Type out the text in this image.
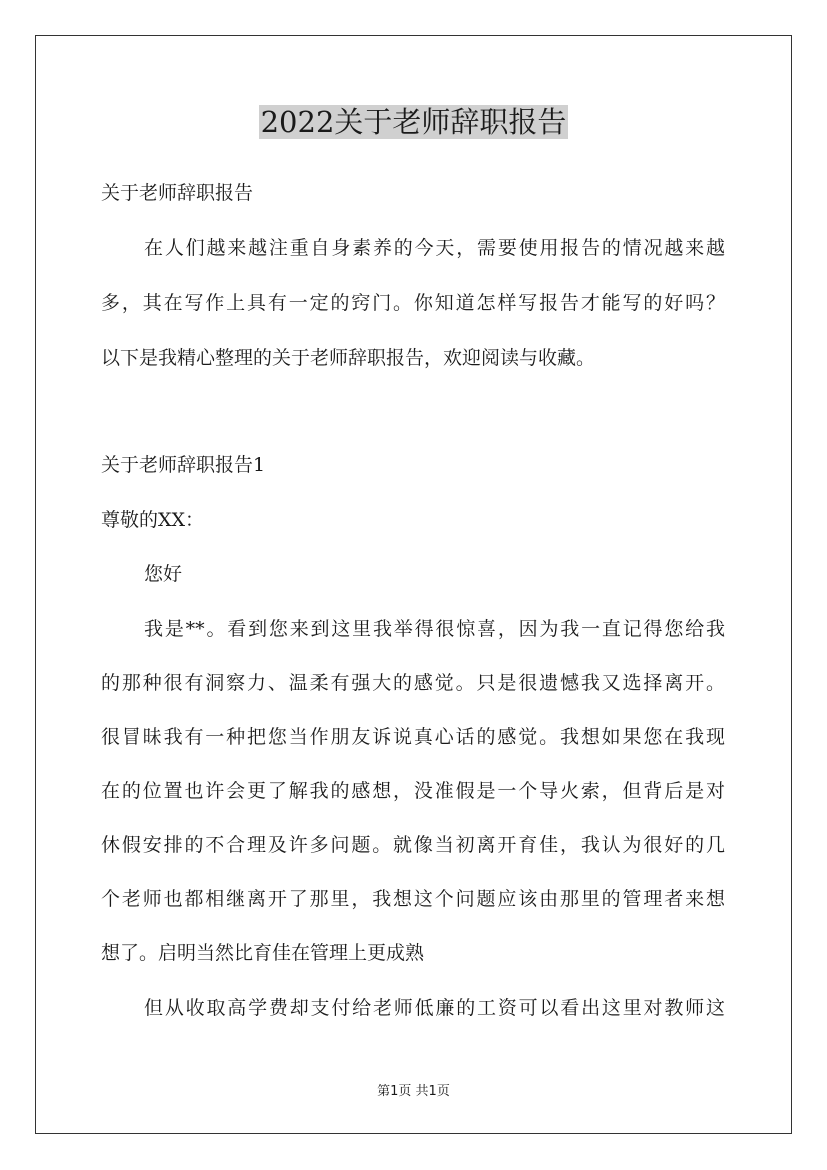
2022关于老师辞职报告

关于老师辞职报告

在人们越来越注重自身素养的今天，需要使用报告的情况越来越

多，其在写作上具有一定的窍门。你知道怎样写报告才能写的好吗？

以下是我精心整理的关于老师辞职报告，欢迎阅读与收藏。

关于老师辞职报告1

尊敬的XX：

您好

我是**。看到您来到这里我举得很惊喜，因为我一直记得您给我

的那种很有洞察力、温柔有强大的感觉。只是很遗憾我又选择离开。

很冒昧我有一种把您当作朋友诉说真心话的感觉。我想如果您在我现

在的位置也许会更了解我的感想，没准假是一个导火索，但背后是对

休假安排的不合理及许多问题。就像当初离开育佳，我认为很好的几

个老师也都相继离开了那里，我想这个问题应该由那里的管理者来想

想了。启明当然比育佳在管理上更成熟

但从收取高学费却支付给老师低廉的工资可以看出这里对教师这

第1页 共1页
